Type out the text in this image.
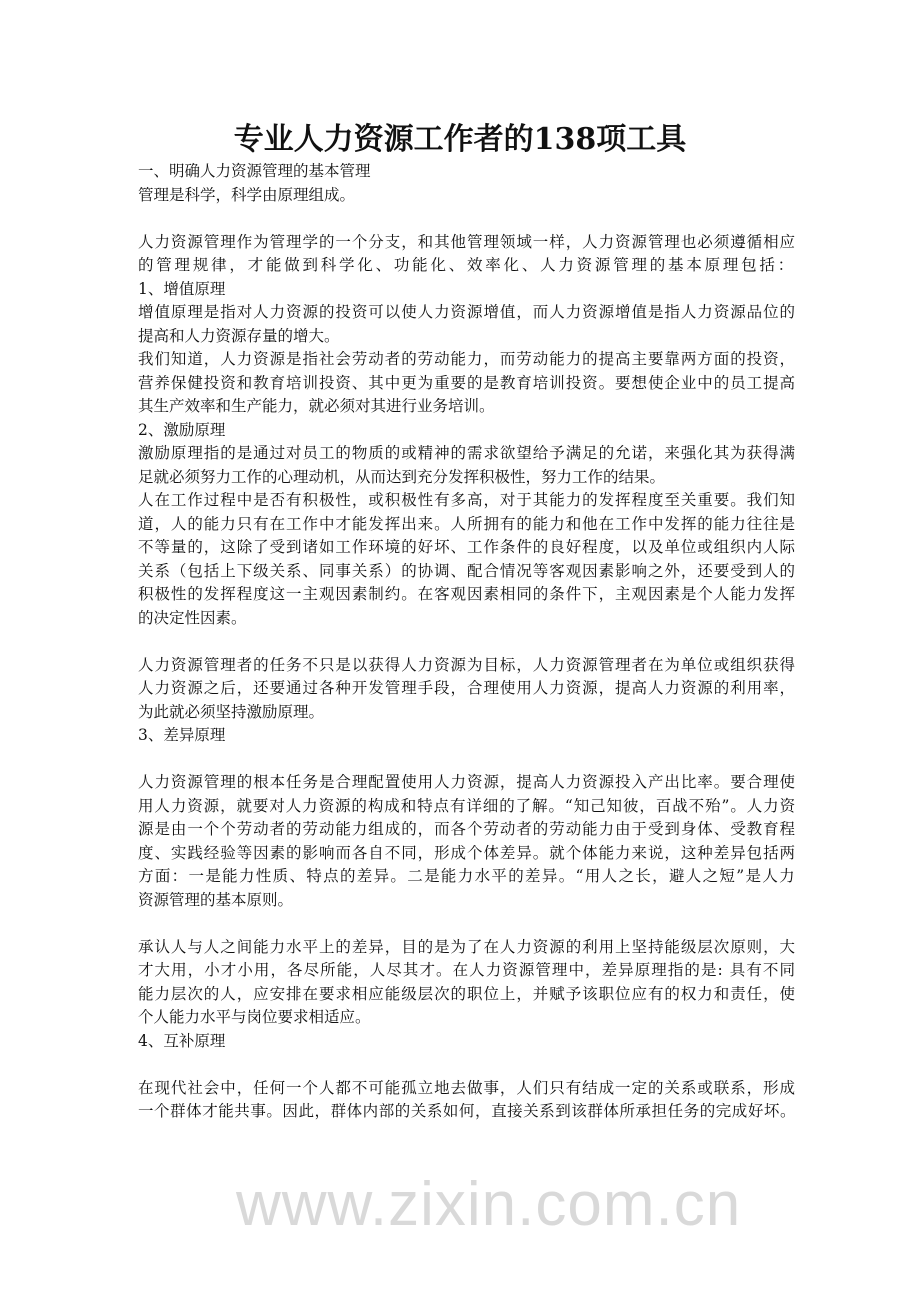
专业人力资源工作者的138项工具
一、明确人力资源管理的基本管理
管理是科学，科学由原理组成。
人力资源管理作为管理学的一个分支，和其他管理领域一样，人力资源管理也必须遵循相应
的管理规律，才能做到科学化、功能化、效率化、人力资源管理的基本原理包括：
1、增值原理
增值原理是指对人力资源的投资可以使人力资源增值，而人力资源增值是指人力资源品位的
提高和人力资源存量的增大。
我们知道，人力资源是指社会劳动者的劳动能力，而劳动能力的提高主要靠两方面的投资，
营养保健投资和教育培训投资、其中更为重要的是教育培训投资。要想使企业中的员工提高
其生产效率和生产能力，就必须对其进行业务培训。
2、激励原理
激励原理指的是通过对员工的物质的或精神的需求欲望给予满足的允诺，来强化其为获得满
足就必须努力工作的心理动机，从而达到充分发挥积极性，努力工作的结果。
人在工作过程中是否有积极性，或积极性有多高，对于其能力的发挥程度至关重要。我们知
道，人的能力只有在工作中才能发挥出来。人所拥有的能力和他在工作中发挥的能力往往是
不等量的，这除了受到诸如工作环境的好坏、工作条件的良好程度，以及单位或组织内人际
关系（包括上下级关系、同事关系）的协调、配合情况等客观因素影响之外，还要受到人的
积极性的发挥程度这一主观因素制约。在客观因素相同的条件下，主观因素是个人能力发挥
的决定性因素。
人力资源管理者的任务不只是以获得人力资源为目标，人力资源管理者在为单位或组织获得
人力资源之后，还要通过各种开发管理手段，合理使用人力资源，提高人力资源的利用率，
为此就必须坚持激励原理。
3、差异原理
人力资源管理的根本任务是合理配置使用人力资源，提高人力资源投入产出比率。要合理使
用人力资源，就要对人力资源的构成和特点有详细的了解。“知己知彼，百战不殆”。人力资
源是由一个个劳动者的劳动能力组成的，而各个劳动者的劳动能力由于受到身体、受教育程
度、实践经验等因素的影响而各自不同，形成个体差异。就个体能力来说，这种差异包括两
方面：一是能力性质、特点的差异。二是能力水平的差异。“用人之长，避人之短”是人力
资源管理的基本原则。
承认人与人之间能力水平上的差异，目的是为了在人力资源的利用上坚持能级层次原则，大
才大用，小才小用，各尽所能，人尽其才。在人力资源管理中，差异原理指的是: 具有不同
能力层次的人，应安排在要求相应能级层次的职位上，并赋予该职位应有的权力和责任，使
个人能力水平与岗位要求相适应。
4、互补原理
在现代社会中，任何一个人都不可能孤立地去做事，人们只有结成一定的关系或联系，形成
一个群体才能共事。因此，群体内部的关系如何，直接关系到该群体所承担任务的完成好坏。
www.zixin.com.cn
